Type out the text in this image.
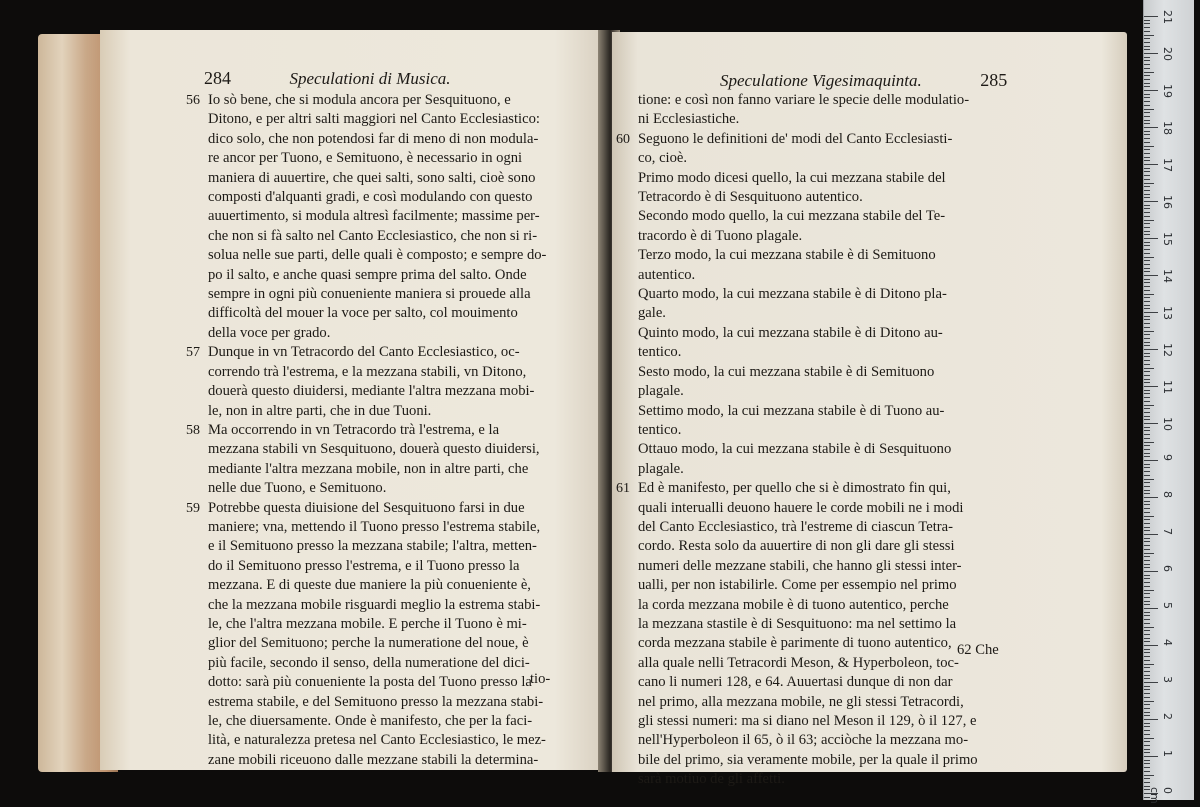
284	Speculationi di Musica.

56 Io sò bene, che si modula ancora per Sesquituono, e

Ditono, e per altri salti maggiori nel Canto Ecclesiastico:

dico solo, che non potendosi far di meno di non modula-

re ancor per Tuono, e Semituono, è necessario in ogni

maniera di auuertire, che quei salti, sono salti, cioè sono

composti d'alquanti gradi, e così modulando con questo

auuertimento, si modula altresì facilmente; massime per-

che non si fà salto nel Canto Ecclesiastico, che non si ri-

solua nelle sue parti, delle quali è composto; e sempre do-

po il salto, e anche quasi sempre prima del salto. Onde

sempre in ogni più conueniente maniera si prouede alla

difficoltà del mouer la voce per salto, col mouimento

della voce per grado.

57 Dunque in vn Tetracordo del Canto Ecclesiastico, oc-

correndo trà l'estrema, e la mezzana stabili, vn Ditono,

douerà questo diuidersi, mediante l'altra mezzana mobi-

le, non in altre parti, che in due Tuoni.

58 Ma occorrendo in vn Tetracordo trà l'estrema, e la

mezzana stabili vn Sesquituono, douerà questo diuidersi,

mediante l'altra mezzana mobile, non in altre parti, che

nelle due Tuono, e Semituono.

59 Potrebbe questa diuisione del Sesquituono farsi in due

maniere; vna, mettendo il Tuono presso l'estrema stabile,

e il Semituono presso la mezzana stabile; l'altra, metten-

do il Semituono presso l'estrema, e il Tuono presso la

mezzana. E di queste due maniere la più conueniente è,

che la mezzana mobile risguardi meglio la estrema stabi-

le, che l'altra mezzana mobile. E perche il Tuono è mi-

glior del Semituono; perche la numeratione del noue, è

più facile, secondo il senso, della numeratione del dici-

dotto: sarà più conueniente la posta del Tuono presso la

estrema stabile, e del Semituono presso la mezzana stabi-

le, che diuersamente. Onde è manifesto, che per la faci-

lità, e naturalezza pretesa nel Canto Ecclesiastico, le mez-

zane mobili riceuono dalle mezzane stabili la determina-

tio-
Speculatione Vigesimaquinta.	285

tione: e così non fanno variare le specie delle modulatio-

ni Ecclesiastiche.

60 Seguono le definitioni de' modi del Canto Ecclesiasti-

co, cioè.

Primo modo dicesi quello, la cui mezzana stabile del

Tetracordo è di Sesquituono autentico.

Secondo modo quello, la cui mezzana stabile del Te-

tracordo è di Tuono plagale.

Terzo modo, la cui mezzana stabile è di Semituono

autentico.

Quarto modo, la cui mezzana stabile è di Ditono pla-

gale.

Quinto modo, la cui mezzana stabile è di Ditono au-

tentico.

Sesto modo, la cui mezzana stabile è di Semituono

plagale.

Settimo modo, la cui mezzana stabile è di Tuono au-

tentico.

Ottauo modo, la cui mezzana stabile è di Sesquituono

plagale.

61 Ed è manifesto, per quello che si è dimostrato fin qui,

quali interualli deuono hauere le corde mobili ne i modi

del Canto Ecclesiastico, trà l'estreme di ciascun Tetra-

cordo. Resta solo da auuertire di non gli dare gli stessi

numeri delle mezzane stabili, che hanno gli stessi inter-

ualli, per non istabilirle. Come per essempio nel primo

la corda mezzana mobile è di tuono autentico, perche

la mezzana stastile è di Sesquituono: ma nel settimo la

corda mezzana stabile è parimente di tuono autentico,

alla quale nelli Tetracordi Meson, & Hyperboleon, toc-

cano li numeri 128, e 64. Auuertasi dunque di non dar

nel primo, alla mezzana mobile, ne gli stessi Tetracordi,

gli stessi numeri: ma si diano nel Meson il 129, ò il 127, e

nell'Hyperboleon il 65, ò il 63; acciòche la mezzana mo-

bile del primo, sia veramente mobile, per la quale il primo

sarà motiuo de gli affetti.

62 Che
21
20
19
18
17
16
15
14
13
12
11
10
9
8
7
6
5
4
3
2
1
0 cm
